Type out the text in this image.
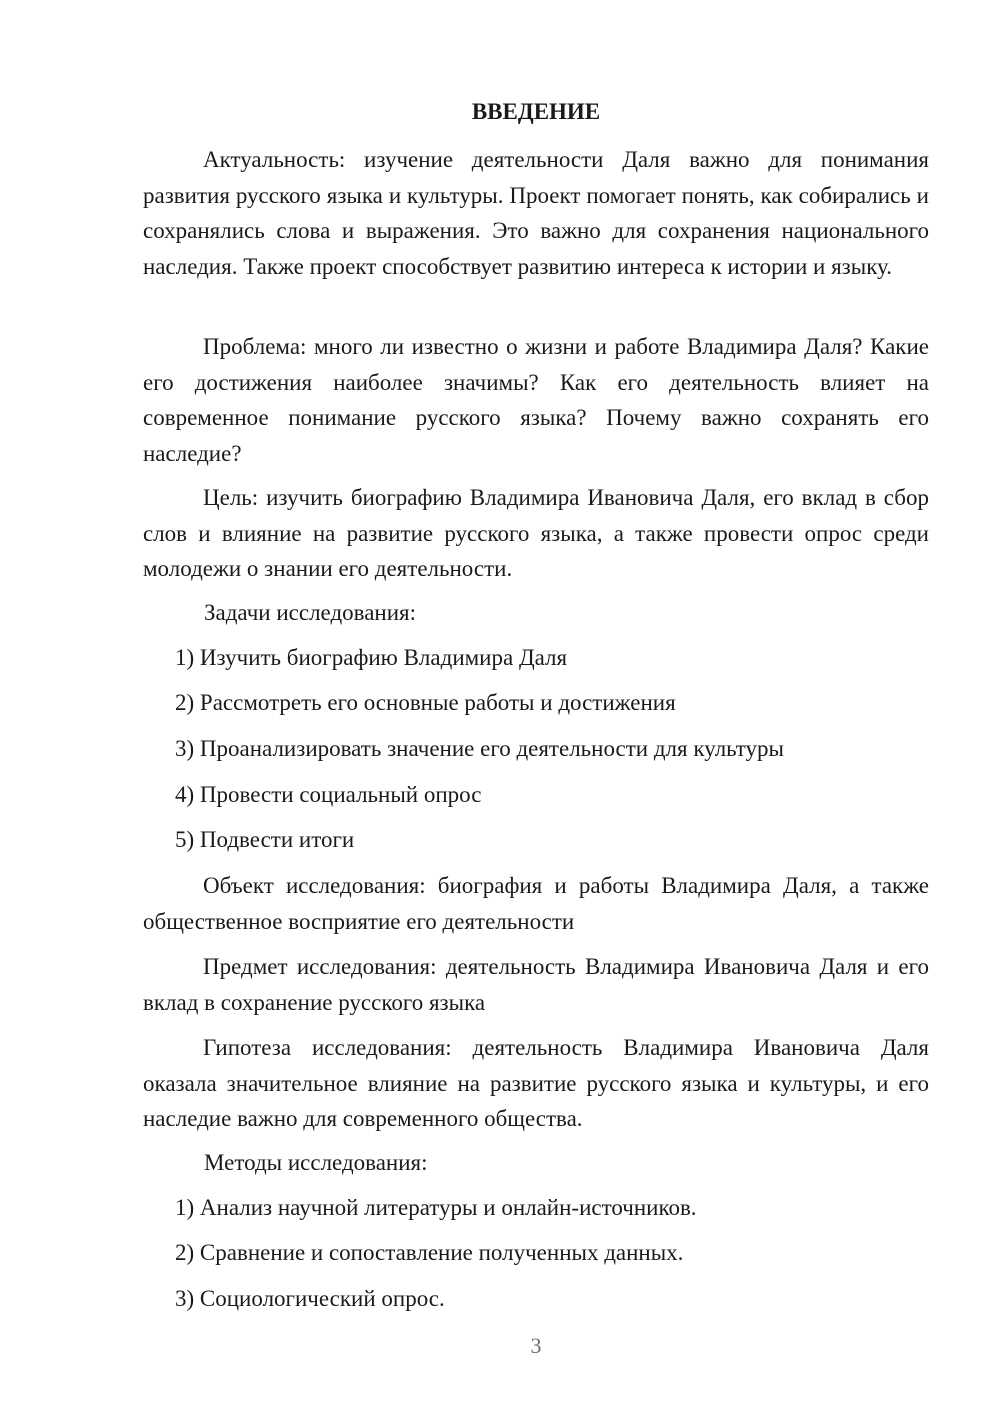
ВВЕДЕНИЕ

Актуальность: изучение деятельности Даля важно для понимания развития русского языка и культуры. Проект помогает понять, как собирались и сохранялись слова и выражения. Это важно для сохранения национального наследия. Также проект способствует развитию интереса к истории и языку.

Проблема: много ли известно о жизни и работе Владимира Даля? Какие его достижения наиболее значимы? Как его деятельность влияет на современное понимание русского языка? Почему важно сохранять его наследие?

Цель: изучить биографию Владимира Ивановича Даля, его вклад в сбор слов и влияние на развитие русского языка, а также провести опрос среди молодежи о знании его деятельности.

Задачи исследования:
1) Изучить биографию Владимира Даля
2) Рассмотреть его основные работы и достижения
3) Проанализировать значение его деятельности для культуры
4) Провести социальный опрос
5) Подвести итоги

Объект исследования: биография и работы Владимира Даля, а также общественное восприятие его деятельности

Предмет исследования: деятельность Владимира Ивановича Даля и его вклад в сохранение русского языка

Гипотеза исследования: деятельность Владимира Ивановича Даля оказала значительное влияние на развитие русского языка и культуры, и его наследие важно для современного общества.

Методы исследования:
1) Анализ научной литературы и онлайн-источников.
2) Сравнение и сопоставление полученных данных.
3) Социологический опрос.
3
